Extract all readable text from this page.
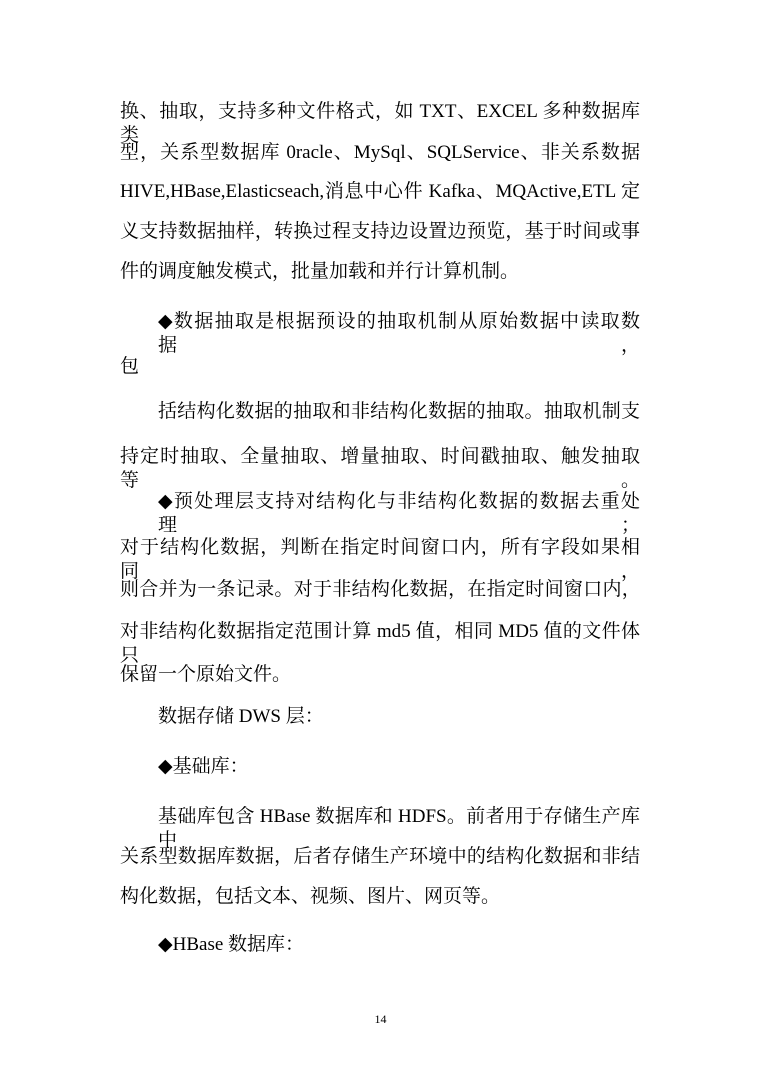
换、抽取，支持多种文件格式，如 TXT、EXCEL 多种数据库类
型，关系型数据库 0racle、MySql、SQLService、非关系数据
HIVE,HBase,Elasticseach,消息中心件 Kafka、MQActive,ETL 定
义支持数据抽样，转换过程支持边设置边预览，基于时间或事
件的调度触发模式，批量加载和并行计算机制。
◆数据抽取是根据预设的抽取机制从原始数据中读取数据，
包
括结构化数据的抽取和非结构化数据的抽取。抽取机制支
持定时抽取、全量抽取、增量抽取、时间戳抽取、触发抽取等。
◆预处理层支持对结构化与非结构化数据的数据去重处理；
对于结构化数据，判断在指定时间窗口内，所有字段如果相同，
则合并为一条记录。对于非结构化数据，在指定时间窗口内，
对非结构化数据指定范围计算 md5 值，相同 MD5 值的文件体只
保留一个原始文件。
数据存储 DWS 层：
◆基础库：
基础库包含 HBase 数据库和 HDFS。前者用于存储生产库中
关系型数据库数据，后者存储生产环境中的结构化数据和非结
构化数据，包括文本、视频、图片、网页等。
◆HBase 数据库：
14
